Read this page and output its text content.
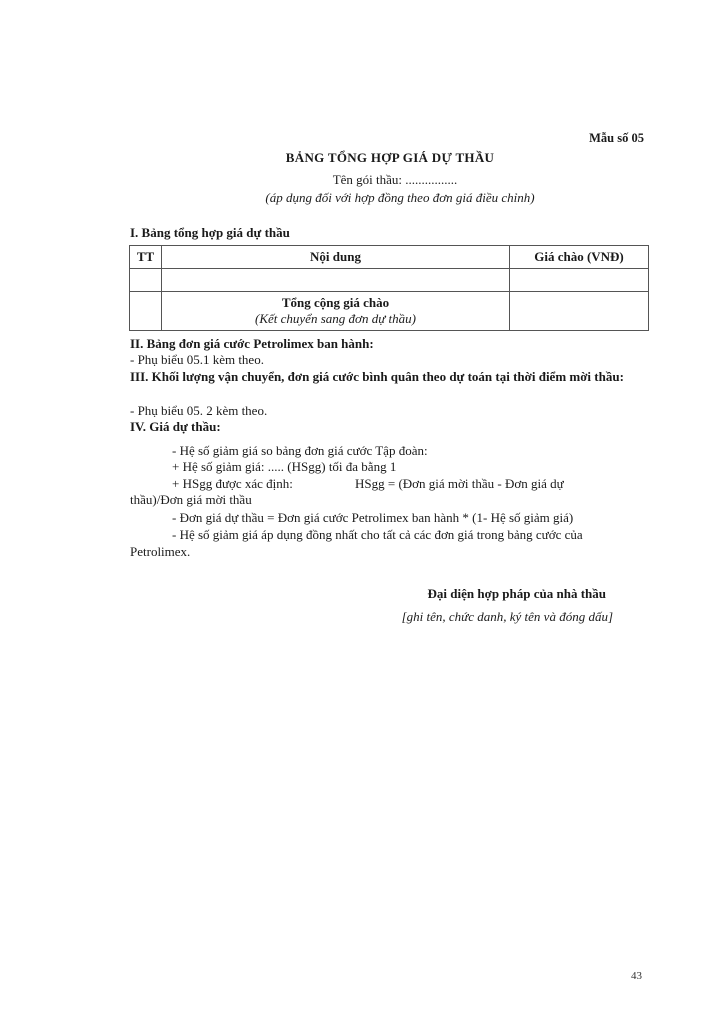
Mẫu số 05
BẢNG TỔNG HỢP GIÁ DỰ THẦU
Tên gói thầu: ................
(áp dụng đối với hợp đồng theo đơn giá điều chỉnh)
I. Bảng tổng hợp giá dự thầu
TT	Nội dung	Giá chào (VNĐ)

	Tổng cộng giá chào
(Kết chuyển sang đơn dự thầu)	

II. Bảng đơn giá cước Petrolimex ban hành:
- Phụ biểu 05.1 kèm theo.
III. Khối lượng vận chuyển, đơn giá cước bình quân theo dự toán tại thời điểm mời thầu:
- Phụ biểu 05. 2 kèm theo.
IV. Giá dự thầu:
- Hệ số giảm giá so bảng đơn giá cước Tập đoàn:
+ Hệ số giảm giá: ..... (HSgg) tối đa bằng 1
+ HSgg được xác định:	HSgg = (Đơn giá mời thầu - Đơn giá dự
thầu)/Đơn giá mời thầu
- Đơn giá dự thầu = Đơn giá cước Petrolimex ban hành * (1- Hệ số giảm giá)
- Hệ số giảm giá áp dụng đồng nhất cho tất cả các đơn giá trong bảng cước của
Petrolimex.
Đại diện hợp pháp của nhà thầu
[ghi tên, chức danh, ký tên và đóng dấu]
43
